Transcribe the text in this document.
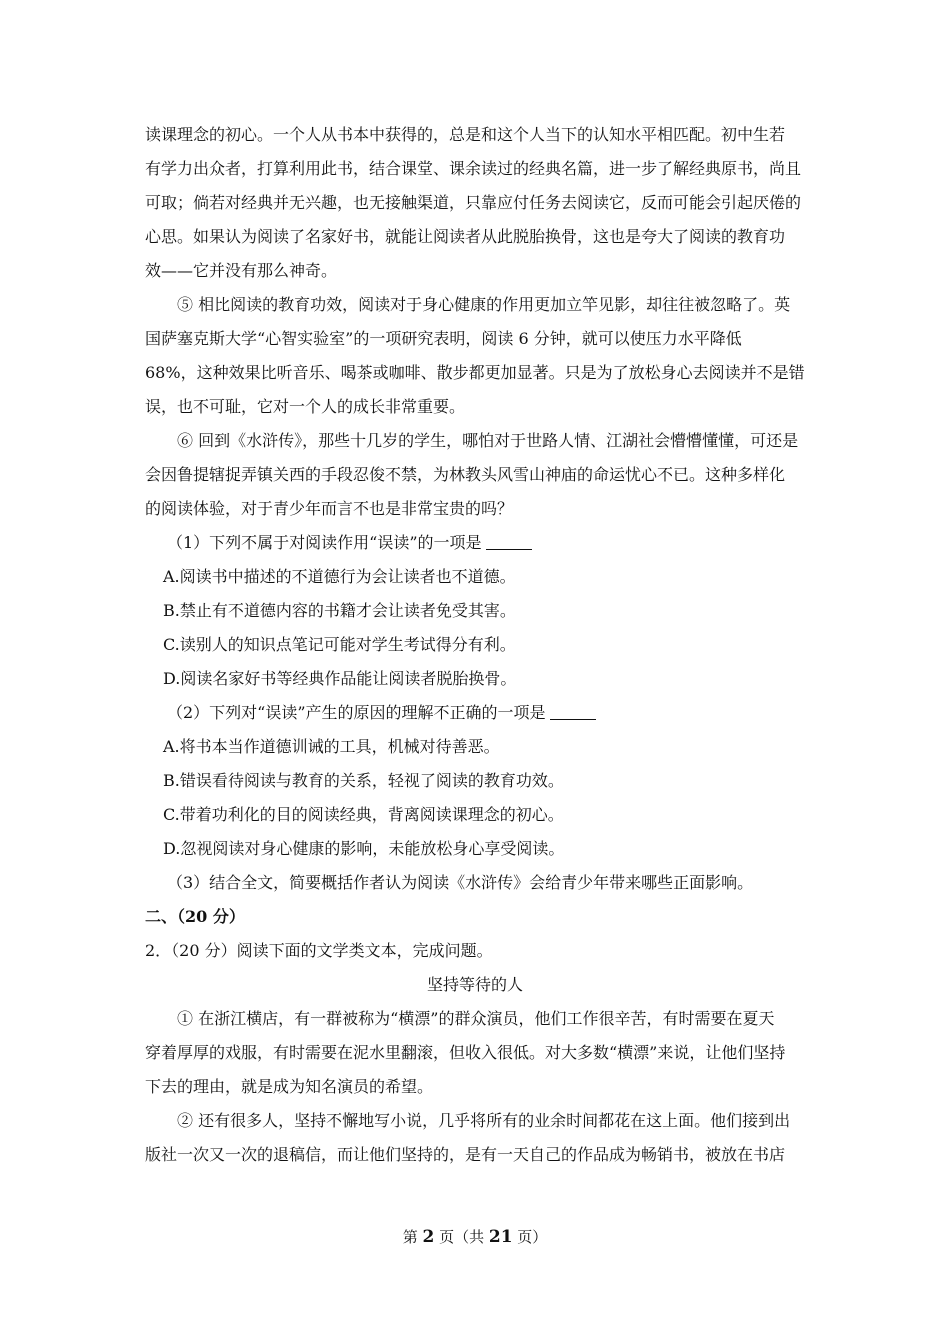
读课理念的初心。一个人从书本中获得的，总是和这个人当下的认知水平相匹配。初中生若
有学力出众者，打算利用此书，结合课堂、课余读过的经典名篇，进一步了解经典原书，尚且
可取；倘若对经典并无兴趣，也无接触渠道，只靠应付任务去阅读它，反而可能会引起厌倦的
心思。如果认为阅读了名家好书，就能让阅读者从此脱胎换骨，这也是夸大了阅读的教育功
效——它并没有那么神奇。
⑤ 相比阅读的教育功效，阅读对于身心健康的作用更加立竿见影，却往往被忽略了。英
国萨塞克斯大学“心智实验室”的一项研究表明，阅读 6 分钟，就可以使压力水平降低
68%，这种效果比听音乐、喝茶或咖啡、散步都更加显著。只是为了放松身心去阅读并不是错
误，也不可耻，它对一个人的成长非常重要。
⑥ 回到《水浒传》，那些十几岁的学生，哪怕对于世路人情、江湖社会懵懵懂懂，可还是
会因鲁提辖捉弄镇关西的手段忍俊不禁，为林教头风雪山神庙的命运忧心不已。这种多样化
的阅读体验，对于青少年而言不也是非常宝贵的吗？
（1）下列不属于对阅读作用“误读”的一项是
A.阅读书中描述的不道德行为会让读者也不道德。
B.禁止有不道德内容的书籍才会让读者免受其害。
C.读别人的知识点笔记可能对学生考试得分有利。
D.阅读名家好书等经典作品能让阅读者脱胎换骨。
（2）下列对“误读”产生的原因的理解不正确的一项是
A.将书本当作道德训诫的工具，机械对待善恶。
B.错误看待阅读与教育的关系，轻视了阅读的教育功效。
C.带着功利化的目的阅读经典，背离阅读课理念的初心。
D.忽视阅读对身心健康的影响，未能放松身心享受阅读。
（3）结合全文，简要概括作者认为阅读《水浒传》会给青少年带来哪些正面影响。
二、（20 分）
2．（20 分）阅读下面的文学类文本，完成问题。
坚持等待的人
① 在浙江横店，有一群被称为“横漂”的群众演员，他们工作很辛苦，有时需要在夏天
穿着厚厚的戏服，有时需要在泥水里翻滚，但收入很低。对大多数“横漂”来说，让他们坚持
下去的理由，就是成为知名演员的希望。
② 还有很多人，坚持不懈地写小说，几乎将所有的业余时间都花在这上面。他们接到出
版社一次又一次的退稿信，而让他们坚持的，是有一天自己的作品成为畅销书，被放在书店
第 2 页（共 21 页）
